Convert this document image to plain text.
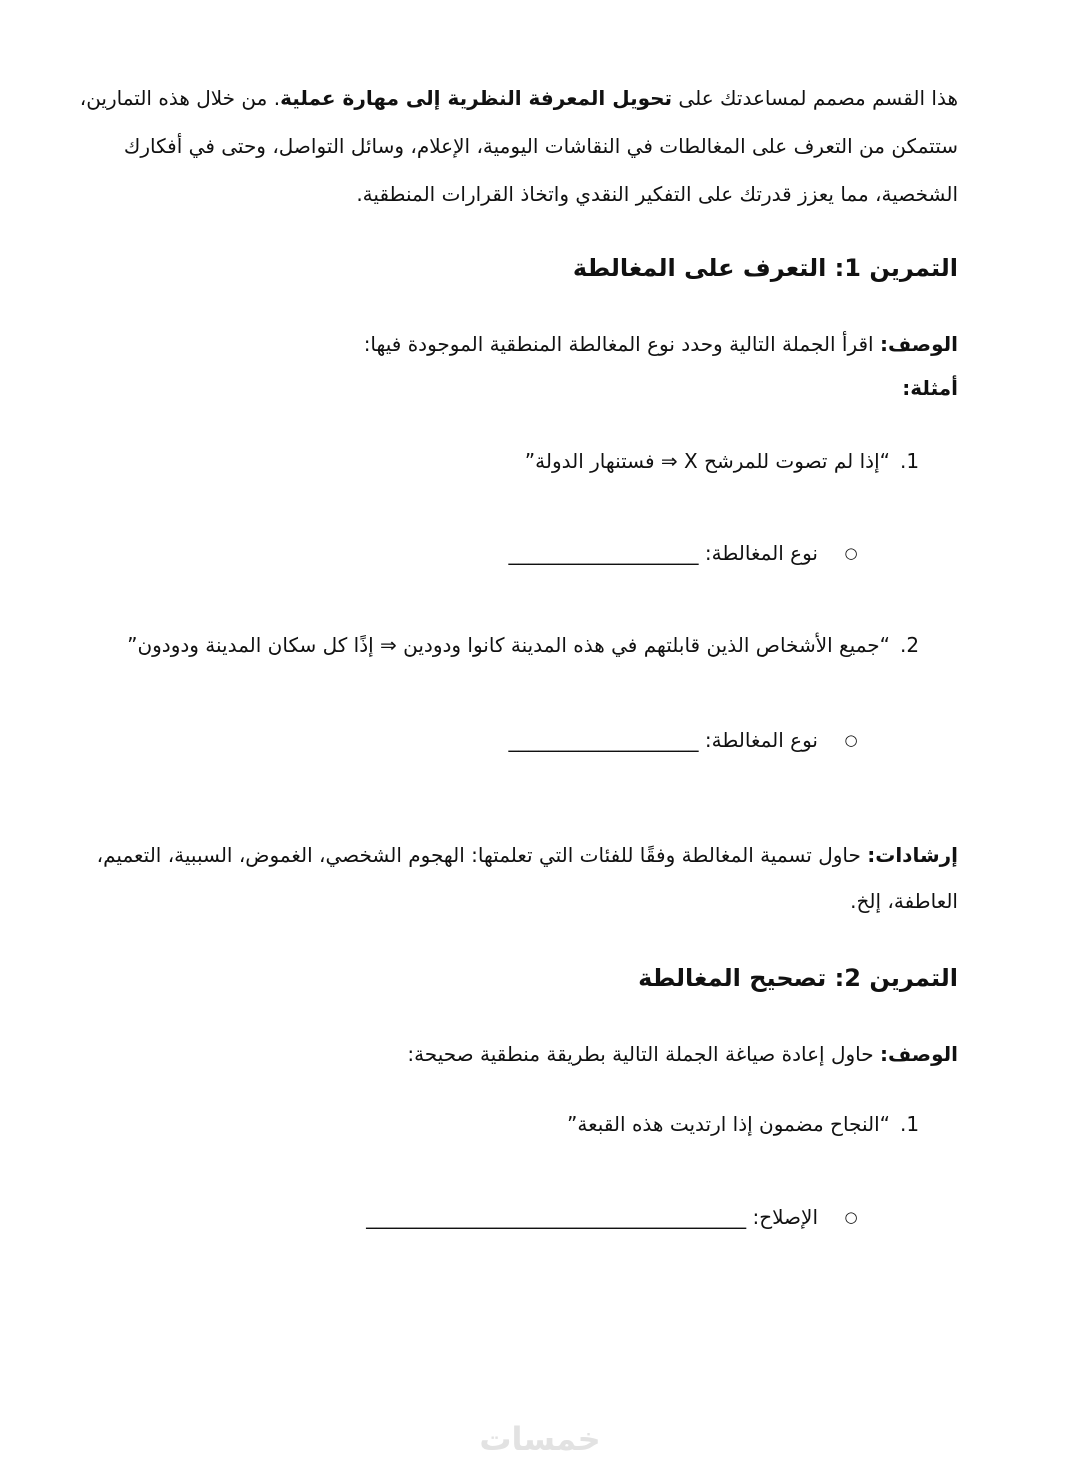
هذا القسم مصمم لمساعدتك على تحويل المعرفة النظرية إلى مهارة عملية. من خلال هذه التمارين، ستتمكن من التعرف على المغالطات في النقاشات اليومية، الإعلام، وسائل التواصل، وحتى في أفكارك الشخصية، مما يعزز قدرتك على التفكير النقدي واتخاذ القرارات المنطقية.

التمرين 1: التعرف على المغالطة
الوصف: اقرأ الجملة التالية وحدد نوع المغالطة المنطقية الموجودة فيها:
أمثلة:
1.
“إذا لم تصوت للمرشح X ⇒ فستنهار الدولة”
○
نوع المغالطة: ___________________
2.
“جميع الأشخاص الذين قابلتهم في هذه المدينة كانوا ودودين ⇒ إذًا كل سكان المدينة ودودون”
○
نوع المغالطة: ___________________

إرشادات: حاول تسمية المغالطة وفقًا للفئات التي تعلمتها: الهجوم الشخصي، الغموض، السببية، التعميم، العاطفة، إلخ.

التمرين 2: تصحيح المغالطة
الوصف: حاول إعادة صياغة الجملة التالية بطريقة منطقية صحيحة:
1.
“النجاح مضمون إذا ارتديت هذه القبعة”
○
الإصلاح: ______________________________________
خمسات
